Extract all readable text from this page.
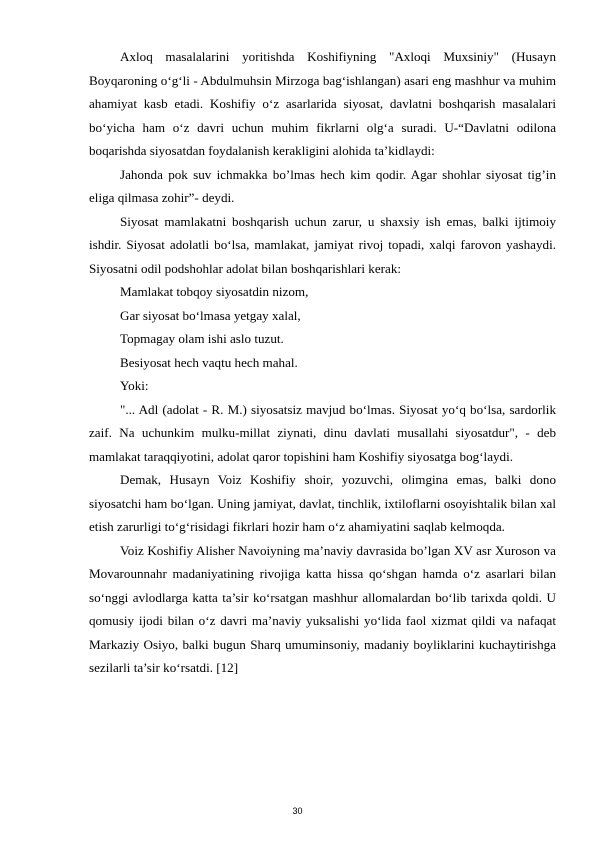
Axloq masalalarini yoritishda Koshifiyning "Axloqi Muxsiniy" (Husayn Boyqaroning o‘g‘li - Abdulmuhsin Mirzoga bag‘ishlangan) asari eng mashhur va muhim ahamiyat kasb etadi. Koshifiy o‘z asarlarida siyosat, davlatni boshqarish masalalari bo‘yicha ham o‘z davri uchun muhim fikrlarni olg‘a suradi. U-“Davlatni odilona boqarishda siyosatdan foydalanish kerakligini alohida ta’kidlaydi:

Jahonda pok suv ichmakka bo’lmas hech kim qodir. Agar shohlar siyosat tig’in eliga qilmasa zohir”- deydi.

Siyosat mamlakatni boshqarish uchun zarur, u shaxsiy ish emas, balki ijtimoiy ishdir. Siyosat adolatli bo‘lsa, mamlakat, jamiyat rivoj topadi, xalqi farovon yashaydi. Siyosatni odil podshohlar adolat bilan boshqarishlari kerak:

Mamlakat tobqoy siyosatdin nizom,

Gar siyosat bo‘lmasa yetgay xalal,

Topmagay olam ishi aslo tuzut.

Besiyosat hech vaqtu hech mahal.

Yoki:

"... Adl (adolat - R. M.) siyosatsiz mavjud bo‘lmas. Siyosat yo‘q bo‘lsa, sardorlik zaif. Na uchunkim mulku-millat ziynati, dinu davlati musallahi siyosatdur", - deb mamlakat taraqqiyotini, adolat qaror topishini ham Koshifiy siyosatga bog‘laydi.

Demak, Husayn Voiz Koshifiy shoir, yozuvchi, olimgina emas, balki dono siyosatchi ham bo‘lgan. Uning jamiyat, davlat, tinchlik, ixtiloflarni osoyishtalik bilan xal etish zarurligi to‘g‘risidagi fikrlari hozir ham o‘z ahamiyatini saqlab kelmoqda.

Voiz Koshifiy Alisher Navoiyning ma’naviy davrasida bo’lgan XV asr Xuroson va Movarounnahr madaniyatining rivojiga katta hissa qo‘shgan hamda o‘z asarlari bilan so‘nggi avlodlarga katta ta’sir ko‘rsatgan mashhur allomalardan bo‘lib tarixda qoldi. U qomusiy ijodi bilan o‘z davri ma’naviy yuksalishi yo‘lida faol xizmat qildi va nafaqat Markaziy Osiyo, balki bugun Sharq umuminsoniy, madaniy boyliklarini kuchaytirishga sezilarli ta’sir ko‘rsatdi. [12]

30
